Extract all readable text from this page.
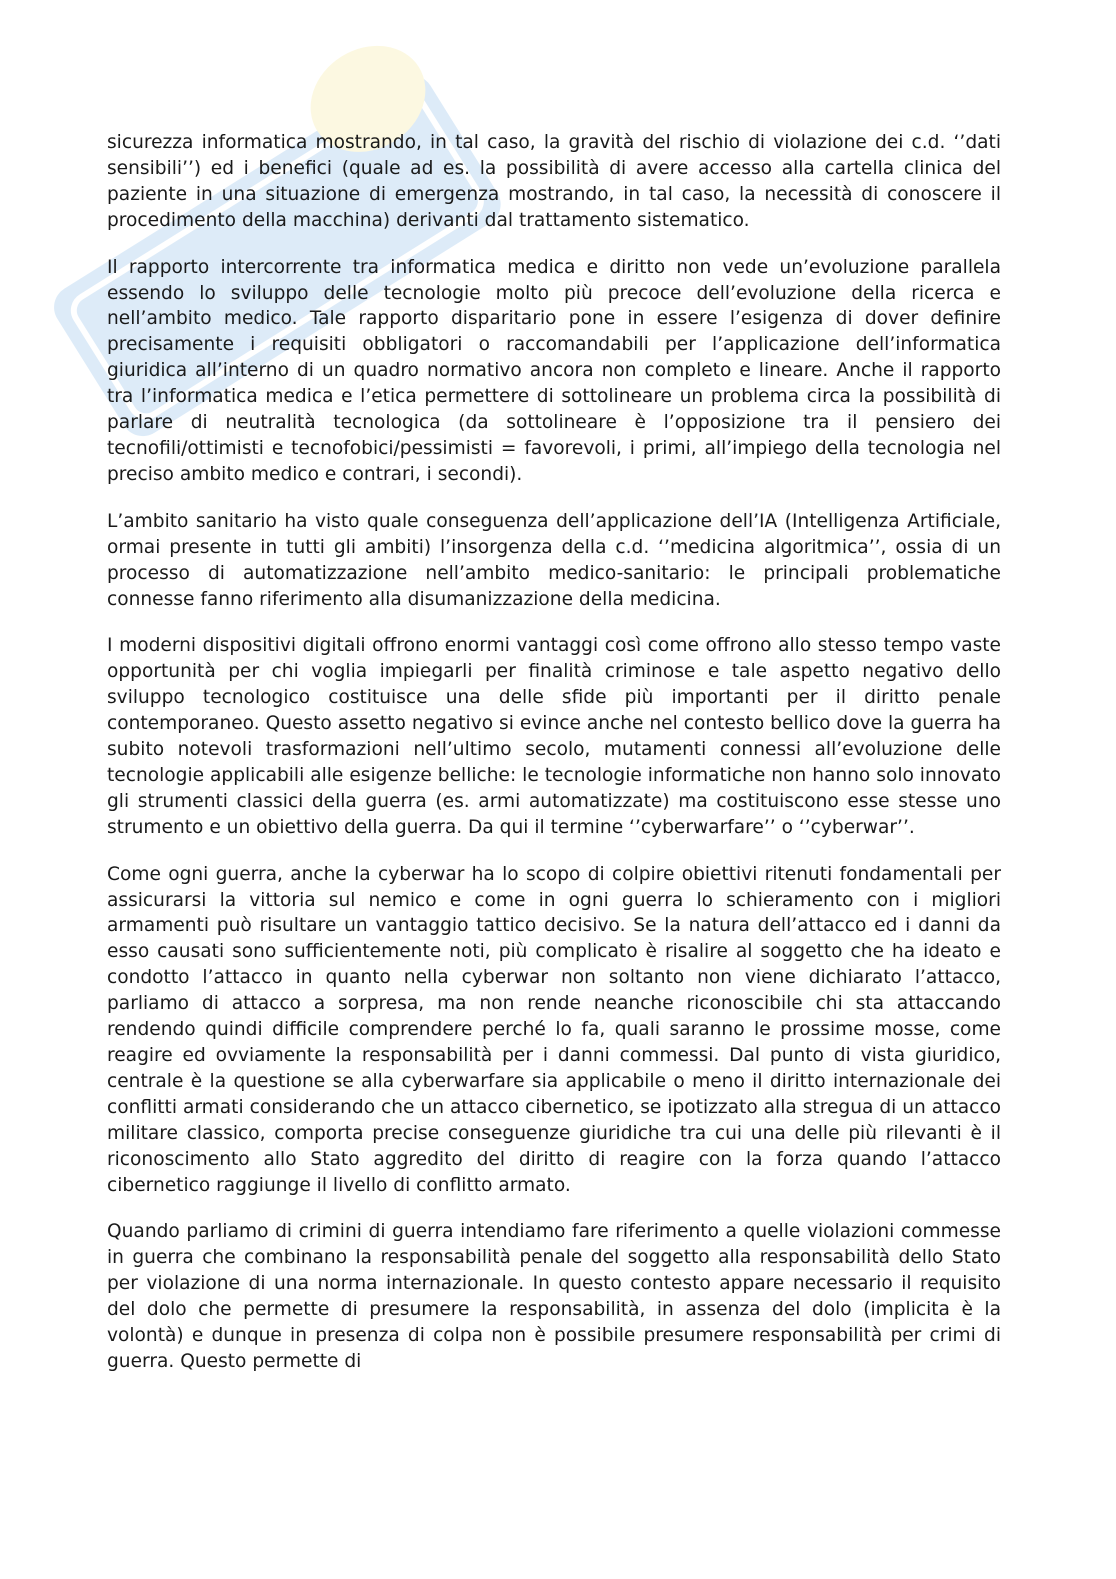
sicurezza informatica mostrando, in tal caso, la gravità del rischio di violazione dei c.d. ‘’dati sensibili’’) ed i benefici (quale ad es. la possibilità di avere accesso alla cartella clinica del paziente in una situazione di emergenza mostrando, in tal caso, la necessità di conoscere il procedimento della macchina) derivanti dal trattamento sistematico.

Il rapporto intercorrente tra informatica medica e diritto non vede un’evoluzione parallela essendo lo sviluppo delle tecnologie molto più precoce dell’evoluzione della ricerca e nell’ambito medico. Tale rapporto disparitario pone in essere l’esigenza di dover definire precisamente i requisiti obbligatori o raccomandabili per l’applicazione dell’informatica giuridica all’interno di un quadro normativo ancora non completo e lineare. Anche il rapporto tra l’informatica medica e l’etica permettere di sottolineare un problema circa la possibilità di parlare di neutralità tecnologica (da sottolineare è l’opposizione tra il pensiero dei tecnofili/ottimisti e tecnofobici/pessimisti = favorevoli, i primi, all’impiego della tecnologia nel preciso ambito medico e contrari, i secondi).

L’ambito sanitario ha visto quale conseguenza dell’applicazione dell’IA (Intelligenza Artificiale, ormai presente in tutti gli ambiti) l’insorgenza della c.d. ‘’medicina algoritmica’’, ossia di un processo di automatizzazione nell’ambito medico-sanitario: le principali problematiche connesse fanno riferimento alla disumanizzazione della medicina.

I moderni dispositivi digitali offrono enormi vantaggi così come offrono allo stesso tempo vaste opportunità per chi voglia impiegarli per finalità criminose e tale aspetto negativo dello sviluppo tecnologico costituisce una delle sfide più importanti per il diritto penale contemporaneo. Questo assetto negativo si evince anche nel contesto bellico dove la guerra ha subito notevoli trasformazioni nell’ultimo secolo, mutamenti connessi all’evoluzione delle tecnologie applicabili alle esigenze belliche: le tecnologie informatiche non hanno solo innovato gli strumenti classici della guerra (es. armi automatizzate) ma costituiscono esse stesse uno strumento e un obiettivo della guerra. Da qui il termine ‘’cyberwarfare’’ o ‘’cyberwar’’.

Come ogni guerra, anche la cyberwar ha lo scopo di colpire obiettivi ritenuti fondamentali per assicurarsi la vittoria sul nemico e come in ogni guerra lo schieramento con i migliori armamenti può risultare un vantaggio tattico decisivo. Se la natura dell’attacco ed i danni da esso causati sono sufficientemente noti, più complicato è risalire al soggetto che ha ideato e condotto l’attacco in quanto nella cyberwar non soltanto non viene dichiarato l’attacco, parliamo di attacco a sorpresa, ma non rende neanche riconoscibile chi sta attaccando rendendo quindi difficile comprendere perché lo fa, quali saranno le prossime mosse, come reagire ed ovviamente la responsabilità per i danni commessi. Dal punto di vista giuridico, centrale è la questione se alla cyberwarfare sia applicabile o meno il diritto internazionale dei conflitti armati considerando che un attacco cibernetico, se ipotizzato alla stregua di un attacco militare classico, comporta precise conseguenze giuridiche tra cui una delle più rilevanti è il riconoscimento allo Stato aggredito del diritto di reagire con la forza quando l’attacco cibernetico raggiunge il livello di conflitto armato.

Quando parliamo di crimini di guerra intendiamo fare riferimento a quelle violazioni commesse in guerra che combinano la responsabilità penale del soggetto alla responsabilità dello Stato per violazione di una norma internazionale. In questo contesto appare necessario il requisito del dolo che permette di presumere la responsabilità, in assenza del dolo (implicita è la volontà) e dunque in presenza di colpa non è possibile presumere responsabilità per crimi di guerra. Questo permette di
